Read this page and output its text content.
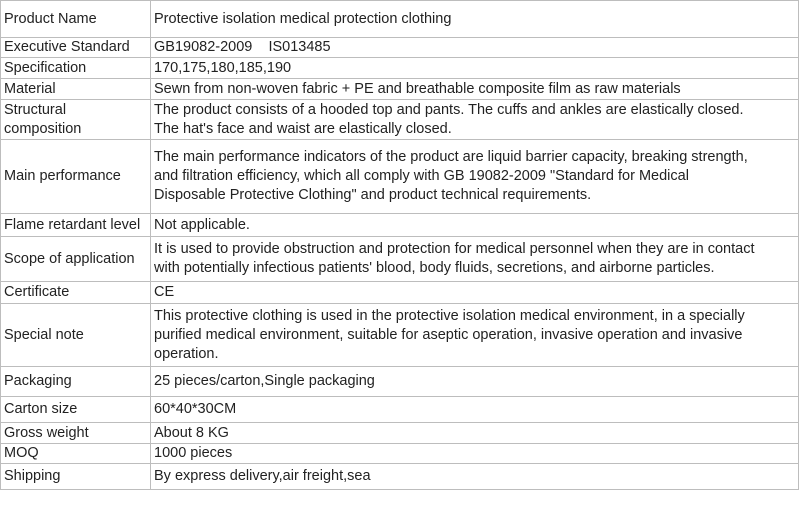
Product Name	Protective isolation medical protection clothing
Executive Standard	GB19082-2009    IS013485
Specification	170,175,180,185,190
Material	Sewn from non-woven fabric + PE and breathable composite film as raw materials
Structural
composition	The product consists of a hooded top and pants. The cuffs and ankles are elastically closed.
The hat's face and waist are elastically closed.
Main performance	The main performance indicators of the product are liquid barrier capacity, breaking strength,
and filtration efficiency, which all comply with GB 19082-2009 "Standard for Medical
Disposable Protective Clothing" and product technical requirements.
Flame retardant level	Not applicable.
Scope of application	It is used to provide obstruction and protection for medical personnel when they are in contact
with potentially infectious patients' blood, body fluids, secretions, and airborne particles.
Certificate	CE
Special note	This protective clothing is used in the protective isolation medical environment, in a specially
purified medical environment, suitable for aseptic operation, invasive operation and invasive
operation.
Packaging	25 pieces/carton,Single packaging
Carton size	60*40*30CM
Gross weight	About 8 KG
MOQ	1000 pieces
Shipping	By express delivery,air freight,sea
